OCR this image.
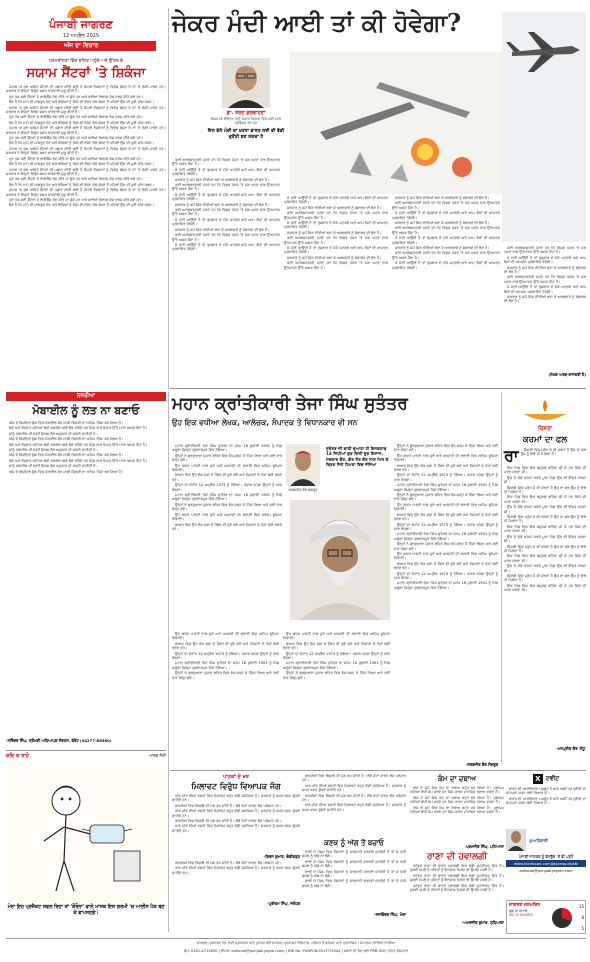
ਪੰਜਾਬੀ ਜਾਗਰਣ
12 ਅਪ੍ਰੈਲ 2025
ਅੱਜ ਦਾ ਵਿਚਾਰ
ਧਰਮਸ਼ੀਲਤਾ ਵਿੱਚ ਦਲਿਤ ਅਹੁੱਦੇ ਅਤੇ ਉੱਤਰ ਵੇ
ਸਯਾਮ ਸੈਂਟਰਾਂ 'ਤੇ ਸ਼ਿਕੰਜਾ

ਪੰਜਾਬ 'ਚ ਕੁਝ ਅਜਿਹੇ ਸੈਂਟਰਾਂ ਦੀ ਪਛਾਣ ਕੀਤੀ ਗਈ ਹੈ ਜਿਹੜੇ ਨੌਜਵਾਨਾਂ ਨੂੰ ਵਿਦੇਸ਼ ਭੇਜਣ ਦੇ ਨਾਂ 'ਤੇ ਠੱਗੀ ਮਾਰਦੇ ਹਨ। ਸਰਕਾਰ ਨੇ ਇਨ੍ਹਾਂ ਵਿਰੁੱਧ ਸਖ਼ਤ ਕਾਰਵਾਈ ਸ਼ੁਰੂ ਕੀਤੀ ਹੈ।

ਹੁਣ ਤਕ ਕਈ ਸੈਂਟਰਾਂ ਦੇ ਲਾਇਸੈਂਸ ਰੱਦ ਕੀਤੇ ਜਾ ਚੁੱਕੇ ਹਨ ਅਤੇ ਕਈਆਂ ਖ਼ਿਲਾਫ਼ ਕੇਸ ਦਰਜ ਕੀਤੇ ਗਏ ਹਨ।

ਲੋੜ ਹੈ ਕਿ ਮਾਪੇ ਵੀ ਜਾਗਰੂਕ ਹੋਣ ਅਤੇ ਬੱਚਿਆਂ ਨੂੰ ਕਿਸੇ ਵੀ ਏਜੰਟ ਕੋਲ ਭੇਜਣ ਤੋਂ ਪਹਿਲਾਂ ਉਸ ਦੀ ਪੂਰੀ ਜਾਂਚ ਕਰਨ।

ਪੰਜਾਬ 'ਚ ਕੁਝ ਅਜਿਹੇ ਸੈਂਟਰਾਂ ਦੀ ਪਛਾਣ ਕੀਤੀ ਗਈ ਹੈ ਜਿਹੜੇ ਨੌਜਵਾਨਾਂ ਨੂੰ ਵਿਦੇਸ਼ ਭੇਜਣ ਦੇ ਨਾਂ 'ਤੇ ਠੱਗੀ ਮਾਰਦੇ ਹਨ। ਸਰਕਾਰ ਨੇ ਇਨ੍ਹਾਂ ਵਿਰੁੱਧ ਸਖ਼ਤ ਕਾਰਵਾਈ ਸ਼ੁਰੂ ਕੀਤੀ ਹੈ।

ਹੁਣ ਤਕ ਕਈ ਸੈਂਟਰਾਂ ਦੇ ਲਾਇਸੈਂਸ ਰੱਦ ਕੀਤੇ ਜਾ ਚੁੱਕੇ ਹਨ ਅਤੇ ਕਈਆਂ ਖ਼ਿਲਾਫ਼ ਕੇਸ ਦਰਜ ਕੀਤੇ ਗਏ ਹਨ।

ਲੋੜ ਹੈ ਕਿ ਮਾਪੇ ਵੀ ਜਾਗਰੂਕ ਹੋਣ ਅਤੇ ਬੱਚਿਆਂ ਨੂੰ ਕਿਸੇ ਵੀ ਏਜੰਟ ਕੋਲ ਭੇਜਣ ਤੋਂ ਪਹਿਲਾਂ ਉਸ ਦੀ ਪੂਰੀ ਜਾਂਚ ਕਰਨ।

ਪੰਜਾਬ 'ਚ ਕੁਝ ਅਜਿਹੇ ਸੈਂਟਰਾਂ ਦੀ ਪਛਾਣ ਕੀਤੀ ਗਈ ਹੈ ਜਿਹੜੇ ਨੌਜਵਾਨਾਂ ਨੂੰ ਵਿਦੇਸ਼ ਭੇਜਣ ਦੇ ਨਾਂ 'ਤੇ ਠੱਗੀ ਮਾਰਦੇ ਹਨ। ਸਰਕਾਰ ਨੇ ਇਨ੍ਹਾਂ ਵਿਰੁੱਧ ਸਖ਼ਤ ਕਾਰਵਾਈ ਸ਼ੁਰੂ ਕੀਤੀ ਹੈ।

ਹੁਣ ਤਕ ਕਈ ਸੈਂਟਰਾਂ ਦੇ ਲਾਇਸੈਂਸ ਰੱਦ ਕੀਤੇ ਜਾ ਚੁੱਕੇ ਹਨ ਅਤੇ ਕਈਆਂ ਖ਼ਿਲਾਫ਼ ਕੇਸ ਦਰਜ ਕੀਤੇ ਗਏ ਹਨ।

ਲੋੜ ਹੈ ਕਿ ਮਾਪੇ ਵੀ ਜਾਗਰੂਕ ਹੋਣ ਅਤੇ ਬੱਚਿਆਂ ਨੂੰ ਕਿਸੇ ਵੀ ਏਜੰਟ ਕੋਲ ਭੇਜਣ ਤੋਂ ਪਹਿਲਾਂ ਉਸ ਦੀ ਪੂਰੀ ਜਾਂਚ ਕਰਨ।

ਪੰਜਾਬ 'ਚ ਕੁਝ ਅਜਿਹੇ ਸੈਂਟਰਾਂ ਦੀ ਪਛਾਣ ਕੀਤੀ ਗਈ ਹੈ ਜਿਹੜੇ ਨੌਜਵਾਨਾਂ ਨੂੰ ਵਿਦੇਸ਼ ਭੇਜਣ ਦੇ ਨਾਂ 'ਤੇ ਠੱਗੀ ਮਾਰਦੇ ਹਨ। ਸਰਕਾਰ ਨੇ ਇਨ੍ਹਾਂ ਵਿਰੁੱਧ ਸਖ਼ਤ ਕਾਰਵਾਈ ਸ਼ੁਰੂ ਕੀਤੀ ਹੈ।

ਹੁਣ ਤਕ ਕਈ ਸੈਂਟਰਾਂ ਦੇ ਲਾਇਸੈਂਸ ਰੱਦ ਕੀਤੇ ਜਾ ਚੁੱਕੇ ਹਨ ਅਤੇ ਕਈਆਂ ਖ਼ਿਲਾਫ਼ ਕੇਸ ਦਰਜ ਕੀਤੇ ਗਏ ਹਨ।

ਲੋੜ ਹੈ ਕਿ ਮਾਪੇ ਵੀ ਜਾਗਰੂਕ ਹੋਣ ਅਤੇ ਬੱਚਿਆਂ ਨੂੰ ਕਿਸੇ ਵੀ ਏਜੰਟ ਕੋਲ ਭੇਜਣ ਤੋਂ ਪਹਿਲਾਂ ਉਸ ਦੀ ਪੂਰੀ ਜਾਂਚ ਕਰਨ।

ਪੰਜਾਬ 'ਚ ਕੁਝ ਅਜਿਹੇ ਸੈਂਟਰਾਂ ਦੀ ਪਛਾਣ ਕੀਤੀ ਗਈ ਹੈ ਜਿਹੜੇ ਨੌਜਵਾਨਾਂ ਨੂੰ ਵਿਦੇਸ਼ ਭੇਜਣ ਦੇ ਨਾਂ 'ਤੇ ਠੱਗੀ ਮਾਰਦੇ ਹਨ। ਸਰਕਾਰ ਨੇ ਇਨ੍ਹਾਂ ਵਿਰੁੱਧ ਸਖ਼ਤ ਕਾਰਵਾਈ ਸ਼ੁਰੂ ਕੀਤੀ ਹੈ।

ਹੁਣ ਤਕ ਕਈ ਸੈਂਟਰਾਂ ਦੇ ਲਾਇਸੈਂਸ ਰੱਦ ਕੀਤੇ ਜਾ ਚੁੱਕੇ ਹਨ ਅਤੇ ਕਈਆਂ ਖ਼ਿਲਾਫ਼ ਕੇਸ ਦਰਜ ਕੀਤੇ ਗਏ ਹਨ।

ਲੋੜ ਹੈ ਕਿ ਮਾਪੇ ਵੀ ਜਾਗਰੂਕ ਹੋਣ ਅਤੇ ਬੱਚਿਆਂ ਨੂੰ ਕਿਸੇ ਵੀ ਏਜੰਟ ਕੋਲ ਭੇਜਣ ਤੋਂ ਪਹਿਲਾਂ ਉਸ ਦੀ ਪੂਰੀ ਜਾਂਚ ਕਰਨ।

ਪੰਜਾਬ 'ਚ ਕੁਝ ਅਜਿਹੇ ਸੈਂਟਰਾਂ ਦੀ ਪਛਾਣ ਕੀਤੀ ਗਈ ਹੈ ਜਿਹੜੇ ਨੌਜਵਾਨਾਂ ਨੂੰ ਵਿਦੇਸ਼ ਭੇਜਣ ਦੇ ਨਾਂ 'ਤੇ ਠੱਗੀ ਮਾਰਦੇ ਹਨ। ਸਰਕਾਰ ਨੇ ਇਨ੍ਹਾਂ ਵਿਰੁੱਧ ਸਖ਼ਤ ਕਾਰਵਾਈ ਸ਼ੁਰੂ ਕੀਤੀ ਹੈ।

ਹੁਣ ਤਕ ਕਈ ਸੈਂਟਰਾਂ ਦੇ ਲਾਇਸੈਂਸ ਰੱਦ ਕੀਤੇ ਜਾ ਚੁੱਕੇ ਹਨ ਅਤੇ ਕਈਆਂ ਖ਼ਿਲਾਫ਼ ਕੇਸ ਦਰਜ ਕੀਤੇ ਗਏ ਹਨ।

ਲੋੜ ਹੈ ਕਿ ਮਾਪੇ ਵੀ ਜਾਗਰੂਕ ਹੋਣ ਅਤੇ ਬੱਚਿਆਂ ਨੂੰ ਕਿਸੇ ਵੀ ਏਜੰਟ ਕੋਲ ਭੇਜਣ ਤੋਂ ਪਹਿਲਾਂ ਉਸ ਦੀ ਪੂਰੀ ਜਾਂਚ ਕਰਨ।

ਜੇਕਰ ਮੰਦੀ ਆਈ ਤਾਂ ਕੀ ਹੋਵੇਗਾ?
ਡਾ. ਤਰਣ ਕੁਲਵਾਹਣਾ
ਲੇਖਕ ਸੀ ਇੰਦਿਰਾ ਨੰਦੀ ਸਕਾਟ ਵਿਭਾਗ ਵਿਚ ਕਈ ਸਾਲ ਪ੍ਰੋਫੈਸਰ ਰਹੇ ਹਨ
ਇਸ ਵੇਲੇ ਮੰਦੀ ਦਾ ਖ਼ਤਰਾ ਭਾਰਤ ਲਈ ਵੀ ਵੱਡੀ ਚੁਣੌਤੀ ਬਣ ਸਕਦਾ ਹੈ

ਕਈ ਅਰਥਸ਼ਾਸਤਰੀ ਮੰਨਦੇ ਹਨ ਕਿ ਵਿਸ਼ਵ ਪੱਧਰ 'ਤੇ ਮੰਗ ਘਟਣ ਨਾਲ ਉਤਪਾਦਨ ਉੱਤੇ ਅਸਰ ਪੈਂਦਾ ਹੈ।

ਜੇ ਮੰਦੀ ਆਉਂਦੀ ਹੈ ਤਾਂ ਰੁਜ਼ਗਾਰ ਦੇ ਮੌਕੇ ਘਟਣਗੇ ਅਤੇ ਆਮ ਲੋਕਾਂ ਦੀ ਆਮਦਨ ਪ੍ਰਭਾਵਿਤ ਹੋਵੇਗੀ।

ਸਰਕਾਰ ਨੂੰ ਸਮੇਂ ਸਿਰ ਨੀਤੀਆਂ ਬਣਾ ਕੇ ਅਰਥਚਾਰੇ ਨੂੰ ਸੰਭਾਲਣ ਦੀ ਲੋੜ ਹੈ।

ਕਈ ਅਰਥਸ਼ਾਸਤਰੀ ਮੰਨਦੇ ਹਨ ਕਿ ਵਿਸ਼ਵ ਪੱਧਰ 'ਤੇ ਮੰਗ ਘਟਣ ਨਾਲ ਉਤਪਾਦਨ ਉੱਤੇ ਅਸਰ ਪੈਂਦਾ ਹੈ।

ਜੇ ਮੰਦੀ ਆਉਂਦੀ ਹੈ ਤਾਂ ਰੁਜ਼ਗਾਰ ਦੇ ਮੌਕੇ ਘਟਣਗੇ ਅਤੇ ਆਮ ਲੋਕਾਂ ਦੀ ਆਮਦਨ ਪ੍ਰਭਾਵਿਤ ਹੋਵੇਗੀ।

ਸਰਕਾਰ ਨੂੰ ਸਮੇਂ ਸਿਰ ਨੀਤੀਆਂ ਬਣਾ ਕੇ ਅਰਥਚਾਰੇ ਨੂੰ ਸੰਭਾਲਣ ਦੀ ਲੋੜ ਹੈ।

ਕਈ ਅਰਥਸ਼ਾਸਤਰੀ ਮੰਨਦੇ ਹਨ ਕਿ ਵਿਸ਼ਵ ਪੱਧਰ 'ਤੇ ਮੰਗ ਘਟਣ ਨਾਲ ਉਤਪਾਦਨ ਉੱਤੇ ਅਸਰ ਪੈਂਦਾ ਹੈ।

ਜੇ ਮੰਦੀ ਆਉਂਦੀ ਹੈ ਤਾਂ ਰੁਜ਼ਗਾਰ ਦੇ ਮੌਕੇ ਘਟਣਗੇ ਅਤੇ ਆਮ ਲੋਕਾਂ ਦੀ ਆਮਦਨ ਪ੍ਰਭਾਵਿਤ ਹੋਵੇਗੀ।

ਸਰਕਾਰ ਨੂੰ ਸਮੇਂ ਸਿਰ ਨੀਤੀਆਂ ਬਣਾ ਕੇ ਅਰਥਚਾਰੇ ਨੂੰ ਸੰਭਾਲਣ ਦੀ ਲੋੜ ਹੈ।

ਕਈ ਅਰਥਸ਼ਾਸਤਰੀ ਮੰਨਦੇ ਹਨ ਕਿ ਵਿਸ਼ਵ ਪੱਧਰ 'ਤੇ ਮੰਗ ਘਟਣ ਨਾਲ ਉਤਪਾਦਨ ਉੱਤੇ ਅਸਰ ਪੈਂਦਾ ਹੈ।

ਜੇ ਮੰਦੀ ਆਉਂਦੀ ਹੈ ਤਾਂ ਰੁਜ਼ਗਾਰ ਦੇ ਮੌਕੇ ਘਟਣਗੇ ਅਤੇ ਆਮ ਲੋਕਾਂ ਦੀ ਆਮਦਨ ਪ੍ਰਭਾਵਿਤ ਹੋਵੇਗੀ।

ਜੇ ਮੰਦੀ ਆਉਂਦੀ ਹੈ ਤਾਂ ਰੁਜ਼ਗਾਰ ਦੇ ਮੌਕੇ ਘਟਣਗੇ ਅਤੇ ਆਮ ਲੋਕਾਂ ਦੀ ਆਮਦਨ ਪ੍ਰਭਾਵਿਤ ਹੋਵੇਗੀ।

ਸਰਕਾਰ ਨੂੰ ਸਮੇਂ ਸਿਰ ਨੀਤੀਆਂ ਬਣਾ ਕੇ ਅਰਥਚਾਰੇ ਨੂੰ ਸੰਭਾਲਣ ਦੀ ਲੋੜ ਹੈ।

ਕਈ ਅਰਥਸ਼ਾਸਤਰੀ ਮੰਨਦੇ ਹਨ ਕਿ ਵਿਸ਼ਵ ਪੱਧਰ 'ਤੇ ਮੰਗ ਘਟਣ ਨਾਲ ਉਤਪਾਦਨ ਉੱਤੇ ਅਸਰ ਪੈਂਦਾ ਹੈ।

ਜੇ ਮੰਦੀ ਆਉਂਦੀ ਹੈ ਤਾਂ ਰੁਜ਼ਗਾਰ ਦੇ ਮੌਕੇ ਘਟਣਗੇ ਅਤੇ ਆਮ ਲੋਕਾਂ ਦੀ ਆਮਦਨ ਪ੍ਰਭਾਵਿਤ ਹੋਵੇਗੀ।

ਸਰਕਾਰ ਨੂੰ ਸਮੇਂ ਸਿਰ ਨੀਤੀਆਂ ਬਣਾ ਕੇ ਅਰਥਚਾਰੇ ਨੂੰ ਸੰਭਾਲਣ ਦੀ ਲੋੜ ਹੈ।

ਕਈ ਅਰਥਸ਼ਾਸਤਰੀ ਮੰਨਦੇ ਹਨ ਕਿ ਵਿਸ਼ਵ ਪੱਧਰ 'ਤੇ ਮੰਗ ਘਟਣ ਨਾਲ ਉਤਪਾਦਨ ਉੱਤੇ ਅਸਰ ਪੈਂਦਾ ਹੈ।

ਜੇ ਮੰਦੀ ਆਉਂਦੀ ਹੈ ਤਾਂ ਰੁਜ਼ਗਾਰ ਦੇ ਮੌਕੇ ਘਟਣਗੇ ਅਤੇ ਆਮ ਲੋਕਾਂ ਦੀ ਆਮਦਨ ਪ੍ਰਭਾਵਿਤ ਹੋਵੇਗੀ।

ਸਰਕਾਰ ਨੂੰ ਸਮੇਂ ਸਿਰ ਨੀਤੀਆਂ ਬਣਾ ਕੇ ਅਰਥਚਾਰੇ ਨੂੰ ਸੰਭਾਲਣ ਦੀ ਲੋੜ ਹੈ।

ਕਈ ਅਰਥਸ਼ਾਸਤਰੀ ਮੰਨਦੇ ਹਨ ਕਿ ਵਿਸ਼ਵ ਪੱਧਰ 'ਤੇ ਮੰਗ ਘਟਣ ਨਾਲ ਉਤਪਾਦਨ ਉੱਤੇ ਅਸਰ ਪੈਂਦਾ ਹੈ।

ਸਰਕਾਰ ਨੂੰ ਸਮੇਂ ਸਿਰ ਨੀਤੀਆਂ ਬਣਾ ਕੇ ਅਰਥਚਾਰੇ ਨੂੰ ਸੰਭਾਲਣ ਦੀ ਲੋੜ ਹੈ।

ਕਈ ਅਰਥਸ਼ਾਸਤਰੀ ਮੰਨਦੇ ਹਨ ਕਿ ਵਿਸ਼ਵ ਪੱਧਰ 'ਤੇ ਮੰਗ ਘਟਣ ਨਾਲ ਉਤਪਾਦਨ ਉੱਤੇ ਅਸਰ ਪੈਂਦਾ ਹੈ।

ਜੇ ਮੰਦੀ ਆਉਂਦੀ ਹੈ ਤਾਂ ਰੁਜ਼ਗਾਰ ਦੇ ਮੌਕੇ ਘਟਣਗੇ ਅਤੇ ਆਮ ਲੋਕਾਂ ਦੀ ਆਮਦਨ ਪ੍ਰਭਾਵਿਤ ਹੋਵੇਗੀ।

ਸਰਕਾਰ ਨੂੰ ਸਮੇਂ ਸਿਰ ਨੀਤੀਆਂ ਬਣਾ ਕੇ ਅਰਥਚਾਰੇ ਨੂੰ ਸੰਭਾਲਣ ਦੀ ਲੋੜ ਹੈ।

ਕਈ ਅਰਥਸ਼ਾਸਤਰੀ ਮੰਨਦੇ ਹਨ ਕਿ ਵਿਸ਼ਵ ਪੱਧਰ 'ਤੇ ਮੰਗ ਘਟਣ ਨਾਲ ਉਤਪਾਦਨ ਉੱਤੇ ਅਸਰ ਪੈਂਦਾ ਹੈ।

ਜੇ ਮੰਦੀ ਆਉਂਦੀ ਹੈ ਤਾਂ ਰੁਜ਼ਗਾਰ ਦੇ ਮੌਕੇ ਘਟਣਗੇ ਅਤੇ ਆਮ ਲੋਕਾਂ ਦੀ ਆਮਦਨ ਪ੍ਰਭਾਵਿਤ ਹੋਵੇਗੀ।

ਸਰਕਾਰ ਨੂੰ ਸਮੇਂ ਸਿਰ ਨੀਤੀਆਂ ਬਣਾ ਕੇ ਅਰਥਚਾਰੇ ਨੂੰ ਸੰਭਾਲਣ ਦੀ ਲੋੜ ਹੈ।

ਕਈ ਅਰਥਸ਼ਾਸਤਰੀ ਮੰਨਦੇ ਹਨ ਕਿ ਵਿਸ਼ਵ ਪੱਧਰ 'ਤੇ ਮੰਗ ਘਟਣ ਨਾਲ ਉਤਪਾਦਨ ਉੱਤੇ ਅਸਰ ਪੈਂਦਾ ਹੈ।

ਜੇ ਮੰਦੀ ਆਉਂਦੀ ਹੈ ਤਾਂ ਰੁਜ਼ਗਾਰ ਦੇ ਮੌਕੇ ਘਟਣਗੇ ਅਤੇ ਆਮ ਲੋਕਾਂ ਦੀ ਆਮਦਨ ਪ੍ਰਭਾਵਿਤ ਹੋਵੇਗੀ।

ਕਈ ਅਰਥਸ਼ਾਸਤਰੀ ਮੰਨਦੇ ਹਨ ਕਿ ਵਿਸ਼ਵ ਪੱਧਰ 'ਤੇ ਮੰਗ ਘਟਣ ਨਾਲ ਉਤਪਾਦਨ ਉੱਤੇ ਅਸਰ ਪੈਂਦਾ ਹੈ।

ਜੇ ਮੰਦੀ ਆਉਂਦੀ ਹੈ ਤਾਂ ਰੁਜ਼ਗਾਰ ਦੇ ਮੌਕੇ ਘਟਣਗੇ ਅਤੇ ਆਮ ਲੋਕਾਂ ਦੀ ਆਮਦਨ ਪ੍ਰਭਾਵਿਤ ਹੋਵੇਗੀ।

ਸਰਕਾਰ ਨੂੰ ਸਮੇਂ ਸਿਰ ਨੀਤੀਆਂ ਬਣਾ ਕੇ ਅਰਥਚਾਰੇ ਨੂੰ ਸੰਭਾਲਣ ਦੀ ਲੋੜ ਹੈ।

ਕਈ ਅਰਥਸ਼ਾਸਤਰੀ ਮੰਨਦੇ ਹਨ ਕਿ ਵਿਸ਼ਵ ਪੱਧਰ 'ਤੇ ਮੰਗ ਘਟਣ ਨਾਲ ਉਤਪਾਦਨ ਉੱਤੇ ਅਸਰ ਪੈਂਦਾ ਹੈ।

ਜੇ ਮੰਦੀ ਆਉਂਦੀ ਹੈ ਤਾਂ ਰੁਜ਼ਗਾਰ ਦੇ ਮੌਕੇ ਘਟਣਗੇ ਅਤੇ ਆਮ ਲੋਕਾਂ ਦੀ ਆਮਦਨ ਪ੍ਰਭਾਵਿਤ ਹੋਵੇਗੀ।

ਸਰਕਾਰ ਨੂੰ ਸਮੇਂ ਸਿਰ ਨੀਤੀਆਂ ਬਣਾ ਕੇ ਅਰਥਚਾਰੇ ਨੂੰ ਸੰਭਾਲਣ ਦੀ ਲੋੜ ਹੈ।

(ਲੇਖਕ ਅਰਥ-ਸ਼ਾਸਤਰੀ ਹੈ)
ਨਜ਼ਰੀਆ
ਮੋਬਾਈਲ ਨੂੰ ਲਤ ਨਾ ਬਣਾਓ

ਅੱਜ ਦੇ ਡਿਜੀਟਲ ਯੁੱਗ ਵਿਚ ਮੋਬਾਈਲ ਫੋਨ ਸਾਡੀ ਜ਼ਿੰਦਗੀ ਦਾ ਅਹਿਮ ਹਿੱਸਾ ਬਣ ਗਿਆ ਹੈ।

ਬੱਚੇ ਅਤੇ ਨੌਜਵਾਨ ਘੰਟਿਆਂ ਬੱਧੀ ਸਕਰੀਨ ਅੱਗੇ ਬੈਠੇ ਰਹਿੰਦੇ ਹਨ ਜਿਸ ਨਾਲ ਸਿਹਤ ਉੱਤੇ ਮਾੜਾ ਅਸਰ ਪੈਂਦਾ ਹੈ।

ਸਾਨੂੰ ਮੋਬਾਈਲ ਦੀ ਵਰਤੋਂ ਸਿਰਫ਼ ਲੋੜ ਅਨੁਸਾਰ ਹੀ ਕਰਨੀ ਚਾਹੀਦੀ ਹੈ।

ਅੱਜ ਦੇ ਡਿਜੀਟਲ ਯੁੱਗ ਵਿਚ ਮੋਬਾਈਲ ਫੋਨ ਸਾਡੀ ਜ਼ਿੰਦਗੀ ਦਾ ਅਹਿਮ ਹਿੱਸਾ ਬਣ ਗਿਆ ਹੈ।

ਬੱਚੇ ਅਤੇ ਨੌਜਵਾਨ ਘੰਟਿਆਂ ਬੱਧੀ ਸਕਰੀਨ ਅੱਗੇ ਬੈਠੇ ਰਹਿੰਦੇ ਹਨ ਜਿਸ ਨਾਲ ਸਿਹਤ ਉੱਤੇ ਮਾੜਾ ਅਸਰ ਪੈਂਦਾ ਹੈ।

ਸਾਨੂੰ ਮੋਬਾਈਲ ਦੀ ਵਰਤੋਂ ਸਿਰਫ਼ ਲੋੜ ਅਨੁਸਾਰ ਹੀ ਕਰਨੀ ਚਾਹੀਦੀ ਹੈ।

ਅੱਜ ਦੇ ਡਿਜੀਟਲ ਯੁੱਗ ਵਿਚ ਮੋਬਾਈਲ ਫੋਨ ਸਾਡੀ ਜ਼ਿੰਦਗੀ ਦਾ ਅਹਿਮ ਹਿੱਸਾ ਬਣ ਗਿਆ ਹੈ।

ਬੱਚੇ ਅਤੇ ਨੌਜਵਾਨ ਘੰਟਿਆਂ ਬੱਧੀ ਸਕਰੀਨ ਅੱਗੇ ਬੈਠੇ ਰਹਿੰਦੇ ਹਨ ਜਿਸ ਨਾਲ ਸਿਹਤ ਉੱਤੇ ਮਾੜਾ ਅਸਰ ਪੈਂਦਾ ਹੈ।

ਸਾਨੂੰ ਮੋਬਾਈਲ ਦੀ ਵਰਤੋਂ ਸਿਰਫ਼ ਲੋੜ ਅਨੁਸਾਰ ਹੀ ਕਰਨੀ ਚਾਹੀਦੀ ਹੈ।

ਅੱਜ ਦੇ ਡਿਜੀਟਲ ਯੁੱਗ ਵਿਚ ਮੋਬਾਈਲ ਫੋਨ ਸਾਡੀ ਜ਼ਿੰਦਗੀ ਦਾ ਅਹਿਮ ਹਿੱਸਾ ਬਣ ਗਿਆ ਹੈ।

-ਨਰਿੰਦਰ ਸਿੰਘ, ਸ੍ਰੋਮਣੀ ਅਧਿਆਪਕ ਸੰਗਠਨ, ਬੇਰੋਟ (94277-86560)
ਕਦਿ ਕ ਰਾਹੋ	ਮਾਦਵ ਜੋਸ਼ੀ
ਮੇਰਾ ਇਹ ਪ੍ਰਜੈਕਟ ਸਫਲ ਰਿਹਾ ਤਾਂ 'ਕੌਰੋਨਾ' ਵਾਲੇ ਮਾਸਕ ਇਸ ਗਰਮੀ 'ਚ ਆਈਸ ਪੈਕ ਬਣ ਕੇ ਵਾਪਸਣਗੇ।
ਮਹਾਨ ਕ੍ਰਾਂਤੀਕਾਰੀ ਤੇਜਾ ਸਿੰਘ ਸੁਤੰਤਰ
ਉਹ ਇਕ ਵਧੀਆ ਲੇਖਕ, ਆਲੋਚਕ, ਸੰਪਾਦਕ ਤੇ ਵਿਧਾਨਕਾਰ ਵੀ ਸਨ
ਸਰਬਜੀਤ ਕੌਰ ਸੰਗਰੂਰ
ਸੁਤੰਤਰ ਜੀ ਬਾਣੀ ਦੁਆਰਾ ਹੀ ਇਨਕਲਾਬ 14 ਜਿਹੀਆਂ ਕੁਝ ਦਿਲੀਂ ਜੂਝ ਕਿਸਾਨ, ਮੇਚਕਾਰ ਕੌਰ, ਗ਼ੈਰ ਸੋਰ ਕੌਰ ਨਾਲ ਮਿਲ ਕੇ ਦ੍ਰਿਤ ਜਿਹੇ ਹਿਮਤਾ ਵਿਚ ਜੱਜਿਆ

ਮਹਾਨ ਕ੍ਰਾਂਤੀਕਾਰੀ ਤੇਜਾ ਸਿੰਘ ਸੁਤੰਤਰ ਦਾ ਜਨਮ 16 ਜੁਲਾਈ 1901 ਨੂੰ ਪਿੰਡ ਅਲੂਣਾ ਜ਼ਿਲ੍ਹਾ ਗੁਰਦਾਸਪੁਰ ਵਿਖੇ ਹੋਇਆ।

ਉਨ੍ਹਾਂ ਨੇ ਗੁਰਦੁਆਰਾ ਸੁਧਾਰ ਲਹਿਰ ਵਿਚ ਵੱਧ-ਚੜ੍ਹ ਕੇ ਹਿੱਸਾ ਲਿਆ ਅਤੇ ਕਈ ਵਾਰ ਜੇਲ੍ਹ ਗਏ।

ਉਹ ਗ਼ਦਰ ਪਾਰਟੀ ਨਾਲ ਜੁੜੇ ਅਤੇ ਆਜ਼ਾਦੀ ਦੀ ਲੜਾਈ ਵਿਚ ਅਹਿਮ ਭੂਮਿਕਾ ਨਿਭਾਈ।

ਬਾਅਦ ਵਿਚ ਉਹ ਲੋਕ ਸਭਾ ਦੇ ਮੈਂਬਰ ਵੀ ਚੁਣੇ ਗਏ ਅਤੇ ਕਿਸਾਨਾਂ ਦੇ ਹੱਕਾਂ ਲਈ ਲੜਦੇ ਰਹੇ।

ਉਨ੍ਹਾਂ ਦਾ ਦੇਹਾਂਤ 12 ਅਪ੍ਰੈਲ 1973 ਨੂੰ ਹੋਇਆ। ਪੰਜਾਬ ਹਮੇਸ਼ਾ ਉਨ੍ਹਾਂ ਨੂੰ ਯਾਦ ਰੱਖੇਗਾ।

ਮਹਾਨ ਕ੍ਰਾਂਤੀਕਾਰੀ ਤੇਜਾ ਸਿੰਘ ਸੁਤੰਤਰ ਦਾ ਜਨਮ 16 ਜੁਲਾਈ 1901 ਨੂੰ ਪਿੰਡ ਅਲੂਣਾ ਜ਼ਿਲ੍ਹਾ ਗੁਰਦਾਸਪੁਰ ਵਿਖੇ ਹੋਇਆ।

ਉਨ੍ਹਾਂ ਨੇ ਗੁਰਦੁਆਰਾ ਸੁਧਾਰ ਲਹਿਰ ਵਿਚ ਵੱਧ-ਚੜ੍ਹ ਕੇ ਹਿੱਸਾ ਲਿਆ ਅਤੇ ਕਈ ਵਾਰ ਜੇਲ੍ਹ ਗਏ।

ਉਹ ਗ਼ਦਰ ਪਾਰਟੀ ਨਾਲ ਜੁੜੇ ਅਤੇ ਆਜ਼ਾਦੀ ਦੀ ਲੜਾਈ ਵਿਚ ਅਹਿਮ ਭੂਮਿਕਾ ਨਿਭਾਈ।

ਬਾਅਦ ਵਿਚ ਉਹ ਲੋਕ ਸਭਾ ਦੇ ਮੈਂਬਰ ਵੀ ਚੁਣੇ ਗਏ ਅਤੇ ਕਿਸਾਨਾਂ ਦੇ ਹੱਕਾਂ ਲਈ ਲੜਦੇ ਰਹੇ।

ਉਨ੍ਹਾਂ ਨੇ ਗੁਰਦੁਆਰਾ ਸੁਧਾਰ ਲਹਿਰ ਵਿਚ ਵੱਧ-ਚੜ੍ਹ ਕੇ ਹਿੱਸਾ ਲਿਆ ਅਤੇ ਕਈ ਵਾਰ ਜੇਲ੍ਹ ਗਏ।

ਉਹ ਗ਼ਦਰ ਪਾਰਟੀ ਨਾਲ ਜੁੜੇ ਅਤੇ ਆਜ਼ਾਦੀ ਦੀ ਲੜਾਈ ਵਿਚ ਅਹਿਮ ਭੂਮਿਕਾ ਨਿਭਾਈ।

ਬਾਅਦ ਵਿਚ ਉਹ ਲੋਕ ਸਭਾ ਦੇ ਮੈਂਬਰ ਵੀ ਚੁਣੇ ਗਏ ਅਤੇ ਕਿਸਾਨਾਂ ਦੇ ਹੱਕਾਂ ਲਈ ਲੜਦੇ ਰਹੇ।

ਉਨ੍ਹਾਂ ਦਾ ਦੇਹਾਂਤ 12 ਅਪ੍ਰੈਲ 1973 ਨੂੰ ਹੋਇਆ। ਪੰਜਾਬ ਹਮੇਸ਼ਾ ਉਨ੍ਹਾਂ ਨੂੰ ਯਾਦ ਰੱਖੇਗਾ।

ਮਹਾਨ ਕ੍ਰਾਂਤੀਕਾਰੀ ਤੇਜਾ ਸਿੰਘ ਸੁਤੰਤਰ ਦਾ ਜਨਮ 16 ਜੁਲਾਈ 1901 ਨੂੰ ਪਿੰਡ ਅਲੂਣਾ ਜ਼ਿਲ੍ਹਾ ਗੁਰਦਾਸਪੁਰ ਵਿਖੇ ਹੋਇਆ।

ਉਨ੍ਹਾਂ ਨੇ ਗੁਰਦੁਆਰਾ ਸੁਧਾਰ ਲਹਿਰ ਵਿਚ ਵੱਧ-ਚੜ੍ਹ ਕੇ ਹਿੱਸਾ ਲਿਆ ਅਤੇ ਕਈ ਵਾਰ ਜੇਲ੍ਹ ਗਏ।

ਉਹ ਗ਼ਦਰ ਪਾਰਟੀ ਨਾਲ ਜੁੜੇ ਅਤੇ ਆਜ਼ਾਦੀ ਦੀ ਲੜਾਈ ਵਿਚ ਅਹਿਮ ਭੂਮਿਕਾ ਨਿਭਾਈ।

ਬਾਅਦ ਵਿਚ ਉਹ ਲੋਕ ਸਭਾ ਦੇ ਮੈਂਬਰ ਵੀ ਚੁਣੇ ਗਏ ਅਤੇ ਕਿਸਾਨਾਂ ਦੇ ਹੱਕਾਂ ਲਈ ਲੜਦੇ ਰਹੇ।

ਉਨ੍ਹਾਂ ਦਾ ਦੇਹਾਂਤ 12 ਅਪ੍ਰੈਲ 1973 ਨੂੰ ਹੋਇਆ। ਪੰਜਾਬ ਹਮੇਸ਼ਾ ਉਨ੍ਹਾਂ ਨੂੰ ਯਾਦ ਰੱਖੇਗਾ।

ਮਹਾਨ ਕ੍ਰਾਂਤੀਕਾਰੀ ਤੇਜਾ ਸਿੰਘ ਸੁਤੰਤਰ ਦਾ ਜਨਮ 16 ਜੁਲਾਈ 1901 ਨੂੰ ਪਿੰਡ ਅਲੂਣਾ ਜ਼ਿਲ੍ਹਾ ਗੁਰਦਾਸਪੁਰ ਵਿਖੇ ਹੋਇਆ।

ਉਨ੍ਹਾਂ ਨੇ ਗੁਰਦੁਆਰਾ ਸੁਧਾਰ ਲਹਿਰ ਵਿਚ ਵੱਧ-ਚੜ੍ਹ ਕੇ ਹਿੱਸਾ ਲਿਆ ਅਤੇ ਕਈ ਵਾਰ ਜੇਲ੍ਹ ਗਏ।

ਉਹ ਗ਼ਦਰ ਪਾਰਟੀ ਨਾਲ ਜੁੜੇ ਅਤੇ ਆਜ਼ਾਦੀ ਦੀ ਲੜਾਈ ਵਿਚ ਅਹਿਮ ਭੂਮਿਕਾ ਨਿਭਾਈ।

ਬਾਅਦ ਵਿਚ ਉਹ ਲੋਕ ਸਭਾ ਦੇ ਮੈਂਬਰ ਵੀ ਚੁਣੇ ਗਏ ਅਤੇ ਕਿਸਾਨਾਂ ਦੇ ਹੱਕਾਂ ਲਈ ਲੜਦੇ ਰਹੇ।

ਉਨ੍ਹਾਂ ਦਾ ਦੇਹਾਂਤ 12 ਅਪ੍ਰੈਲ 1973 ਨੂੰ ਹੋਇਆ। ਪੰਜਾਬ ਹਮੇਸ਼ਾ ਉਨ੍ਹਾਂ ਨੂੰ ਯਾਦ ਰੱਖੇਗਾ।

ਮਹਾਨ ਕ੍ਰਾਂਤੀਕਾਰੀ ਤੇਜਾ ਸਿੰਘ ਸੁਤੰਤਰ ਦਾ ਜਨਮ 16 ਜੁਲਾਈ 1901 ਨੂੰ ਪਿੰਡ ਅਲੂਣਾ ਜ਼ਿਲ੍ਹਾ ਗੁਰਦਾਸਪੁਰ ਵਿਖੇ ਹੋਇਆ।

ਉਹ ਗ਼ਦਰ ਪਾਰਟੀ ਨਾਲ ਜੁੜੇ ਅਤੇ ਆਜ਼ਾਦੀ ਦੀ ਲੜਾਈ ਵਿਚ ਅਹਿਮ ਭੂਮਿਕਾ ਨਿਭਾਈ।

ਬਾਅਦ ਵਿਚ ਉਹ ਲੋਕ ਸਭਾ ਦੇ ਮੈਂਬਰ ਵੀ ਚੁਣੇ ਗਏ ਅਤੇ ਕਿਸਾਨਾਂ ਦੇ ਹੱਕਾਂ ਲਈ ਲੜਦੇ ਰਹੇ।

ਉਨ੍ਹਾਂ ਦਾ ਦੇਹਾਂਤ 12 ਅਪ੍ਰੈਲ 1973 ਨੂੰ ਹੋਇਆ। ਪੰਜਾਬ ਹਮੇਸ਼ਾ ਉਨ੍ਹਾਂ ਨੂੰ ਯਾਦ ਰੱਖੇਗਾ।

ਮਹਾਨ ਕ੍ਰਾਂਤੀਕਾਰੀ ਤੇਜਾ ਸਿੰਘ ਸੁਤੰਤਰ ਦਾ ਜਨਮ 16 ਜੁਲਾਈ 1901 ਨੂੰ ਪਿੰਡ ਅਲੂਣਾ ਜ਼ਿਲ੍ਹਾ ਗੁਰਦਾਸਪੁਰ ਵਿਖੇ ਹੋਇਆ।

ਉਨ੍ਹਾਂ ਨੇ ਗੁਰਦੁਆਰਾ ਸੁਧਾਰ ਲਹਿਰ ਵਿਚ ਵੱਧ-ਚੜ੍ਹ ਕੇ ਹਿੱਸਾ ਲਿਆ ਅਤੇ ਕਈ ਵਾਰ ਜੇਲ੍ਹ ਗਏ।

ਉਹ ਗ਼ਦਰ ਪਾਰਟੀ ਨਾਲ ਜੁੜੇ ਅਤੇ ਆਜ਼ਾਦੀ ਦੀ ਲੜਾਈ ਵਿਚ ਅਹਿਮ ਭੂਮਿਕਾ ਨਿਭਾਈ।

ਬਾਅਦ ਵਿਚ ਉਹ ਲੋਕ ਸਭਾ ਦੇ ਮੈਂਬਰ ਵੀ ਚੁਣੇ ਗਏ ਅਤੇ ਕਿਸਾਨਾਂ ਦੇ ਹੱਕਾਂ ਲਈ ਲੜਦੇ ਰਹੇ।

ਉਨ੍ਹਾਂ ਦਾ ਦੇਹਾਂਤ 12 ਅਪ੍ਰੈਲ 1973 ਨੂੰ ਹੋਇਆ। ਪੰਜਾਬ ਹਮੇਸ਼ਾ ਉਨ੍ਹਾਂ ਨੂੰ ਯਾਦ ਰੱਖੇਗਾ।

ਮਹਾਨ ਕ੍ਰਾਂਤੀਕਾਰੀ ਤੇਜਾ ਸਿੰਘ ਸੁਤੰਤਰ ਦਾ ਜਨਮ 16 ਜੁਲਾਈ 1901 ਨੂੰ ਪਿੰਡ ਅਲੂਣਾ ਜ਼ਿਲ੍ਹਾ ਗੁਰਦਾਸਪੁਰ ਵਿਖੇ ਹੋਇਆ।

ਉਨ੍ਹਾਂ ਨੇ ਗੁਰਦੁਆਰਾ ਸੁਧਾਰ ਲਹਿਰ ਵਿਚ ਵੱਧ-ਚੜ੍ਹ ਕੇ ਹਿੱਸਾ ਲਿਆ ਅਤੇ ਕਈ ਵਾਰ ਜੇਲ੍ਹ ਗਏ।

-ਸਰਬਜੀਤ ਕੌਰ ਸੰਗਰੂਰ
ਰਿਸ਼ਤਾ
ਕਰਮਾਂ ਦਾ ਫਲ
ਰਾ	ਜ਼ਿੰਦਗੀ ਵਿਚ ਮਨੁੱਖ ਜੋ ਵੀ ਕਰਦਾ ਹੈ ਉਸ ਦਾ ਫਲ ਉਸ ਨੂੰ ਇਥੇ ਹੀ ਮਿਲਦਾ ਹੈ।

ਇਕ ਪਿੰਡ ਵਿਚ ਇਕ ਬਜ਼ੁਰਗ ਰਹਿੰਦਾ ਸੀ ਜੋ ਹਰ ਕਿਸੇ ਦੀ ਮਦਦ ਕਰਦਾ ਸੀ।

ਉਸ ਦੇ ਚੰਗੇ ਕਰਮਾਂ ਕਰਕੇ ਪੂਰਾ ਪਿੰਡ ਉਸ ਦੀ ਇੱਜ਼ਤ ਕਰਦਾ ਸੀ।

ਜ਼ਿੰਦਗੀ ਵਿਚ ਮਨੁੱਖ ਜੋ ਵੀ ਕਰਦਾ ਹੈ ਉਸ ਦਾ ਫਲ ਉਸ ਨੂੰ ਇਥੇ ਹੀ ਮਿਲਦਾ ਹੈ।

ਇਕ ਪਿੰਡ ਵਿਚ ਇਕ ਬਜ਼ੁਰਗ ਰਹਿੰਦਾ ਸੀ ਜੋ ਹਰ ਕਿਸੇ ਦੀ ਮਦਦ ਕਰਦਾ ਸੀ।

ਉਸ ਦੇ ਚੰਗੇ ਕਰਮਾਂ ਕਰਕੇ ਪੂਰਾ ਪਿੰਡ ਉਸ ਦੀ ਇੱਜ਼ਤ ਕਰਦਾ ਸੀ।

ਜ਼ਿੰਦਗੀ ਵਿਚ ਮਨੁੱਖ ਜੋ ਵੀ ਕਰਦਾ ਹੈ ਉਸ ਦਾ ਫਲ ਉਸ ਨੂੰ ਇਥੇ ਹੀ ਮਿਲਦਾ ਹੈ।

ਇਕ ਪਿੰਡ ਵਿਚ ਇਕ ਬਜ਼ੁਰਗ ਰਹਿੰਦਾ ਸੀ ਜੋ ਹਰ ਕਿਸੇ ਦੀ ਮਦਦ ਕਰਦਾ ਸੀ।

ਉਸ ਦੇ ਚੰਗੇ ਕਰਮਾਂ ਕਰਕੇ ਪੂਰਾ ਪਿੰਡ ਉਸ ਦੀ ਇੱਜ਼ਤ ਕਰਦਾ ਸੀ।

ਜ਼ਿੰਦਗੀ ਵਿਚ ਮਨੁੱਖ ਜੋ ਵੀ ਕਰਦਾ ਹੈ ਉਸ ਦਾ ਫਲ ਉਸ ਨੂੰ ਇਥੇ ਹੀ ਮਿਲਦਾ ਹੈ।

ਇਕ ਪਿੰਡ ਵਿਚ ਇਕ ਬਜ਼ੁਰਗ ਰਹਿੰਦਾ ਸੀ ਜੋ ਹਰ ਕਿਸੇ ਦੀ ਮਦਦ ਕਰਦਾ ਸੀ।

ਉਸ ਦੇ ਚੰਗੇ ਕਰਮਾਂ ਕਰਕੇ ਪੂਰਾ ਪਿੰਡ ਉਸ ਦੀ ਇੱਜ਼ਤ ਕਰਦਾ ਸੀ।

ਜ਼ਿੰਦਗੀ ਵਿਚ ਮਨੁੱਖ ਜੋ ਵੀ ਕਰਦਾ ਹੈ ਉਸ ਦਾ ਫਲ ਉਸ ਨੂੰ ਇਥੇ ਹੀ ਮਿਲਦਾ ਹੈ।

ਇਕ ਪਿੰਡ ਵਿਚ ਇਕ ਬਜ਼ੁਰਗ ਰਹਿੰਦਾ ਸੀ ਜੋ ਹਰ ਕਿਸੇ ਦੀ ਮਦਦ ਕਰਦਾ ਸੀ।

-ਮਨਪ੍ਰੀਤ ਕੌਰ 'ਸੰਧੂ'
ਪਾਠਕਾਂ ਦੇ ਖ਼ਤ
ਮਿਲਾਵਟ ਵਿਰੁੱਧ ਵਿਆਪਕ ਜੰਗ

ਖਾਣ-ਪੀਣ ਦੀਆਂ ਵਸਤਾਂ ਵਿਚ ਮਿਲਾਵਟ ਬਹੁਤ ਵੱਡੀ ਸਮੱਸਿਆ ਹੈ। ਸਰਕਾਰ ਨੂੰ ਸਖ਼ਤ ਕਦਮ ਚੁੱਕਣੇ ਚਾਹੀਦੇ ਹਨ।

ਗਰਮੀਆਂ ਵਿਚ ਬਿਜਲੀ ਦੀ ਮੰਗ ਵਧ ਜਾਂਦੀ ਹੈ। ਲੰਬੇ ਕੱਟਾਂ ਕਾਰਨ ਲੋਕ ਪਰੇਸ਼ਾਨ ਹਨ।

ਖਾਣ-ਪੀਣ ਦੀਆਂ ਵਸਤਾਂ ਵਿਚ ਮਿਲਾਵਟ ਬਹੁਤ ਵੱਡੀ ਸਮੱਸਿਆ ਹੈ। ਸਰਕਾਰ ਨੂੰ ਸਖ਼ਤ ਕਦਮ ਚੁੱਕਣੇ ਚਾਹੀਦੇ ਹਨ।

ਗਰਮੀਆਂ ਵਿਚ ਬਿਜਲੀ ਦੀ ਮੰਗ ਵਧ ਜਾਂਦੀ ਹੈ। ਲੰਬੇ ਕੱਟਾਂ ਕਾਰਨ ਲੋਕ ਪਰੇਸ਼ਾਨ ਹਨ।

ਖਾਣ-ਪੀਣ ਦੀਆਂ ਵਸਤਾਂ ਵਿਚ ਮਿਲਾਵਟ ਬਹੁਤ ਵੱਡੀ ਸਮੱਸਿਆ ਹੈ। ਸਰਕਾਰ ਨੂੰ ਸਖ਼ਤ ਕਦਮ ਚੁੱਕਣੇ ਚਾਹੀਦੇ ਹਨ।

-ਕਿਰਨ ਕੁਮਾਰ, ਚੰਡੀਗੜ੍ਹ

ਗਰਮੀਆਂ ਵਿਚ ਬਿਜਲੀ ਦੀ ਮੰਗ ਵਧ ਜਾਂਦੀ ਹੈ। ਲੰਬੇ ਕੱਟਾਂ ਕਾਰਨ ਲੋਕ ਪਰੇਸ਼ਾਨ ਹਨ।

ਖਾਣ-ਪੀਣ ਦੀਆਂ ਵਸਤਾਂ ਵਿਚ ਮਿਲਾਵਟ ਬਹੁਤ ਵੱਡੀ ਸਮੱਸਿਆ ਹੈ। ਸਰਕਾਰ ਨੂੰ ਸਖ਼ਤ ਕਦਮ ਚੁੱਕਣੇ ਚਾਹੀਦੇ ਹਨ।

-ਪ੍ਰੀਤਮ ਸਿੰਘ, ਜਲੰਧਰ

ਗਰਮੀਆਂ ਵਿਚ ਬਿਜਲੀ ਦੀ ਮੰਗ ਵਧ ਜਾਂਦੀ ਹੈ। ਲੰਬੇ ਕੱਟਾਂ ਕਾਰਨ ਲੋਕ ਪਰੇਸ਼ਾਨ ਹਨ।

ਖਾਣ-ਪੀਣ ਦੀਆਂ ਵਸਤਾਂ ਵਿਚ ਮਿਲਾਵਟ ਬਹੁਤ ਵੱਡੀ ਸਮੱਸਿਆ ਹੈ। ਸਰਕਾਰ ਨੂੰ ਸਖ਼ਤ ਕਦਮ ਚੁੱਕਣੇ ਚਾਹੀਦੇ ਹਨ।

ਗਰਮੀਆਂ ਵਿਚ ਬਿਜਲੀ ਦੀ ਮੰਗ ਵਧ ਜਾਂਦੀ ਹੈ। ਲੰਬੇ ਕੱਟਾਂ ਕਾਰਨ ਲੋਕ ਪਰੇਸ਼ਾਨ ਹਨ।

ਖਾਣ-ਪੀਣ ਦੀਆਂ ਵਸਤਾਂ ਵਿਚ ਮਿਲਾਵਟ ਬਹੁਤ ਵੱਡੀ ਸਮੱਸਿਆ ਹੈ। ਸਰਕਾਰ ਨੂੰ ਸਖ਼ਤ ਕਦਮ ਚੁੱਕਣੇ ਚਾਹੀਦੇ ਹਨ।

ਕਣਕ ਨੂੰ ਅੱਗ ਤੋਂ ਬਚਾਓ

ਵਾਢੀ ਦੇ ਮੌਸਮ ਵਿਚ ਕਿਸਾਨਾਂ ਨੂੰ ਸਾਵਧਾਨੀ ਵਰਤਣੀ ਚਾਹੀਦੀ ਹੈ ਤਾਂ ਜੋ ਪੱਕੀ ਫ਼ਸਲ ਨੂੰ ਅੱਗ ਨਾ ਲੱਗੇ।

ਵਾਢੀ ਦੇ ਮੌਸਮ ਵਿਚ ਕਿਸਾਨਾਂ ਨੂੰ ਸਾਵਧਾਨੀ ਵਰਤਣੀ ਚਾਹੀਦੀ ਹੈ ਤਾਂ ਜੋ ਪੱਕੀ ਫ਼ਸਲ ਨੂੰ ਅੱਗ ਨਾ ਲੱਗੇ।

ਵਾਢੀ ਦੇ ਮੌਸਮ ਵਿਚ ਕਿਸਾਨਾਂ ਨੂੰ ਸਾਵਧਾਨੀ ਵਰਤਣੀ ਚਾਹੀਦੀ ਹੈ ਤਾਂ ਜੋ ਪੱਕੀ ਫ਼ਸਲ ਨੂੰ ਅੱਗ ਨਾ ਲੱਗੇ।

ਵਾਢੀ ਦੇ ਮੌਸਮ ਵਿਚ ਕਿਸਾਨਾਂ ਨੂੰ ਸਾਵਧਾਨੀ ਵਰਤਣੀ ਚਾਹੀਦੀ ਹੈ ਤਾਂ ਜੋ ਪੱਕੀ ਫ਼ਸਲ ਨੂੰ ਅੱਗ ਨਾ ਲੱਗੇ।

-ਜਸਵਿੰਦਰ ਸਿੰਘ, ਮੋਗਾ
ਕੰਮ ਦਾ ਦਬਾਅ

ਅੱਜ ਦੇ ਸਮੇਂ ਵਿਚ ਕੰਮ ਦਾ ਦਬਾਅ ਬਹੁਤ ਵਧ ਗਿਆ ਹੈ। ਮੁਲਾਜ਼ਮ ਘੰਟਿਆਂ ਬੱਧੀ ਕੰਮ ਕਰਦੇ ਹਨ ਜਿਸ ਕਾਰਨ ਮਾਨਸਿਕ ਤਣਾਅ ਵਧਦਾ ਹੈ।

ਅੱਜ ਦੇ ਸਮੇਂ ਵਿਚ ਕੰਮ ਦਾ ਦਬਾਅ ਬਹੁਤ ਵਧ ਗਿਆ ਹੈ। ਮੁਲਾਜ਼ਮ ਘੰਟਿਆਂ ਬੱਧੀ ਕੰਮ ਕਰਦੇ ਹਨ ਜਿਸ ਕਾਰਨ ਮਾਨਸਿਕ ਤਣਾਅ ਵਧਦਾ ਹੈ।

ਅੱਜ ਦੇ ਸਮੇਂ ਵਿਚ ਕੰਮ ਦਾ ਦਬਾਅ ਬਹੁਤ ਵਧ ਗਿਆ ਹੈ। ਮੁਲਾਜ਼ਮ ਘੰਟਿਆਂ ਬੱਧੀ ਕੰਮ ਕਰਦੇ ਹਨ ਜਿਸ ਕਾਰਨ ਮਾਨਸਿਕ ਤਣਾਅ ਵਧਦਾ ਹੈ।

-ਪਰਮਜੀਤ ਸਿੰਘ, ਪਟਿਆਲਾ
ਰਾਣਾ ਦੀ ਹਵਾਲਗੀ

ਤਹੱਵੁਰ ਰਾਣਾ ਦੀ ਭਾਰਤ ਹਵਾਲਗੀ ਇਕ ਵੱਡੀ ਕੂਟਨੀਤਕ ਜਿੱਤ ਹੈ। ਮੁੰਬਈ ਹਮਲੇ ਦੇ ਪੀੜਤਾਂ ਨੂੰ ਇਨਸਾਫ਼ ਮਿਲਣ ਦੀ ਉਮੀਦ ਜਾਗੀ ਹੈ।

ਤਹੱਵੁਰ ਰਾਣਾ ਦੀ ਭਾਰਤ ਹਵਾਲਗੀ ਇਕ ਵੱਡੀ ਕੂਟਨੀਤਕ ਜਿੱਤ ਹੈ। ਮੁੰਬਈ ਹਮਲੇ ਦੇ ਪੀੜਤਾਂ ਨੂੰ ਇਨਸਾਫ਼ ਮਿਲਣ ਦੀ ਉਮੀਦ ਜਾਗੀ ਹੈ।

ਤਹੱਵੁਰ ਰਾਣਾ ਦੀ ਭਾਰਤ ਹਵਾਲਗੀ ਇਕ ਵੱਡੀ ਕੂਟਨੀਤਕ ਜਿੱਤ ਹੈ। ਮੁੰਬਈ ਹਮਲੇ ਦੇ ਪੀੜਤਾਂ ਨੂੰ ਇਨਸਾਫ਼ ਮਿਲਣ ਦੀ ਉਮੀਦ ਜਾਗੀ ਹੈ।

-ਅਮਰਜੀਤ ਕੁਮਾਰ, ਲੁਧਿਆਣਾ
X ਟਵੀਟ

ਭਾਰਤ ਦੀ ਆਰਥਿਕਤਾ ਮਜ਼ਬੂਤ ਹੈ ਅਤੇ ਅਸੀਂ ਹਰ ਚੁਣੌਤੀ ਦਾ ਸਾਹਮਣਾ ਕਰਨ ਲਈ ਤਿਆਰ ਹਾਂ।

ਭਾਰਤ ਦੀ ਆਰਥਿਕਤਾ ਮਜ਼ਬੂਤ ਹੈ ਅਤੇ ਅਸੀਂ ਹਰ ਚੁਣੌਤੀ ਦਾ ਸਾਹਮਣਾ ਕਰਨ ਲਈ ਤਿਆਰ ਹਾਂ।

@ਅਧਿਕਾਰੀ
ਪੰਜਾਬੀ ਜਾਗਰਣ ਨੂੰ ਫੇਸਬੁੱਕ 'ਤੇ ਵੀ ਪੜ੍ਹੋ
www.facebook.com/jagranpunjabi
editorial@punjabi.jagran.com
ਜਾਗਰਣ ਜਨਮਦਿਨ
ਗੁਡ ਵਾ ਰਹਾਲੇ
ਅੱਜ ਦਾ ਜਨਮਦਿਨ
15
8
5
ਜਾਗਰਣ ਪ੍ਰਕਾਸ਼ਨ ਲਿ. ਲਈ ਪ੍ਰਕਾਸ਼ਕ ਅਤੇ ਮੁਦਰਕ ਵੱਲੋਂ ਜਾਗਰਣ ਪ੍ਰਕਾਸ਼ਨ ਲਿਮਿਟਡ, ਜਲੰਧਰ ਤੋਂ ਛਪਿਆ ਅਤੇ ਪ੍ਰਕਾਸ਼ਿਤ। ਸੰਪਾਦਕ: ਵਰਿੰਦਰ ਵਾਲੀਆ
ਫ਼ੋਨ: 0181-4712800 | ਈਮੇਲ: editorial@punjabi.jagran.com | RNI No. PUNPUN/2017/75044 | ਖ਼ਬਰਾਂ ਦੀ ਚੋਣ ਲਈ PRB ਐਕਟ ਤਹਿਤ ਜ਼ਿੰਮੇਵਾਰ
